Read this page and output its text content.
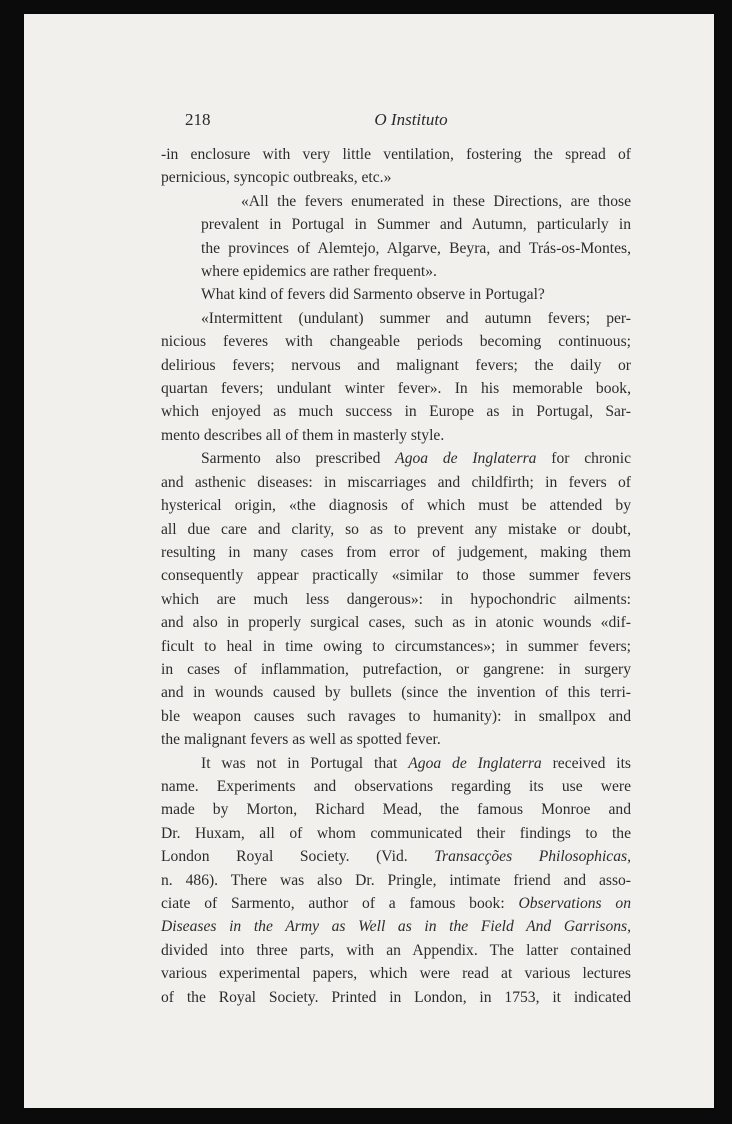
218	O Instituto

-in enclosure with very little ventilation, fostering the spread of
pernicious, syncopic outbreaks, etc.»

«All the fevers enumerated in these Directions, are those
prevalent in Portugal in Summer and Autumn, particularly in
the provinces of Alemtejo, Algarve, Beyra, and Trás-os-Montes,
where epidemics are rather frequent».

What kind of fevers did Sarmento observe in Portugal?

«Intermittent (undulant) summer and autumn fevers; per-
nicious feveres with changeable periods becoming continuous;
delirious fevers; nervous and malignant fevers; the daily or
quartan fevers; undulant winter fever». In his memorable book,
which enjoyed as much success in Europe as in Portugal, Sar-
mento describes all of them in masterly style.

Sarmento also prescribed Agoa de Inglaterra for chronic
and asthenic diseases: in miscarriages and childfirth; in fevers of
hysterical origin, «the diagnosis of which must be attended by
all due care and clarity, so as to prevent any mistake or doubt,
resulting in many cases from error of judgement, making them
consequently appear practically «similar to those summer fevers
which are much less dangerous»: in hypochondric ailments:
and also in properly surgical cases, such as in atonic wounds «dif-
ficult to heal in time owing to circumstances»; in summer fevers;
in cases of inflammation, putrefaction, or gangrene: in surgery
and in wounds caused by bullets (since the invention of this terri-
ble weapon causes such ravages to humanity): in smallpox and
the malignant fevers as well as spotted fever.

It was not in Portugal that Agoa de Inglaterra received its
name. Experiments and observations regarding its use were
made by Morton, Richard Mead, the famous Monroe and
Dr. Huxam, all of whom communicated their findings to the
London Royal Society. (Vid. Transacções Philosophicas,
n. 486). There was also Dr. Pringle, intimate friend and asso-
ciate of Sarmento, author of a famous book: Observations on
Diseases in the Army as Well as in the Field And Garrisons,
divided into three parts, with an Appendix. The latter contained
various experimental papers, which were read at various lectures
of the Royal Society. Printed in London, in 1753, it indicated
